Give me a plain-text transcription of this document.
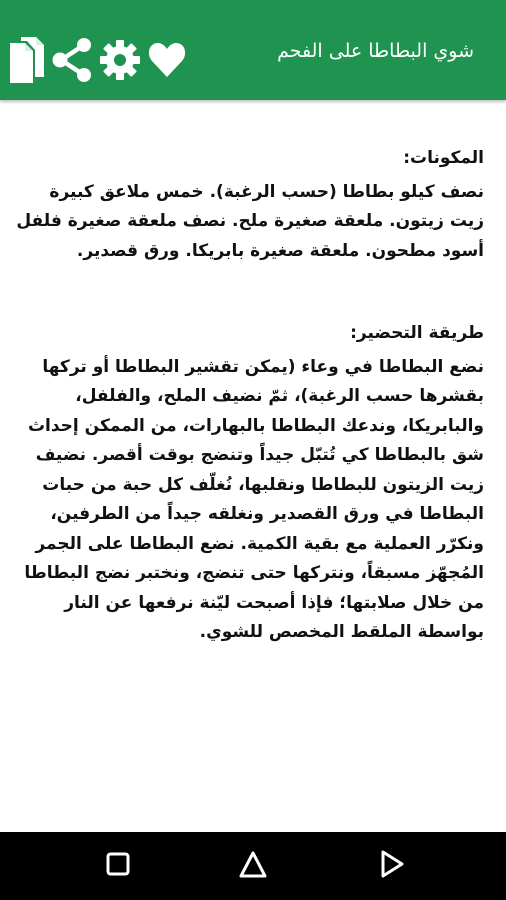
شوي البطاطا على الفحم

المكونات:

نصف كيلو بطاطا (حسب الرغبة). خمس ملاعق كبيرة زيت زيتون. ملعقة صغيرة ملح. نصف ملعقة صغيرة فلفل أسود مطحون. ملعقة صغيرة بابريكا. ورق قصدير.

طريقة التحضير:

نضع البطاطا في وعاء (يمكن تقشير البطاطا أو تركها بقشرها حسب الرغبة)، ثمّ نضيف الملح، والفلفل، والبابريكا، وندعك البطاطا بالبهارات، من الممكن إحداث شق بالبطاطا كي تُتبّل جيداً وتنضج بوقت أقصر. نضيف زيت الزيتون للبطاطا ونقلبها، نُغلّف كل حبة من حبات البطاطا في ورق القصدير ونغلقه جيداً من الطرفين، ونكرّر العملية مع بقية الكمية. نضع البطاطا على الجمر المُجهّز مسبقاً، ونتركها حتى تنضج، ونختبر نضج البطاطا من خلال صلابتها؛ فإذا أصبحت ليّنة نرفعها عن النار بواسطة الملقط المخصص للشوي.
